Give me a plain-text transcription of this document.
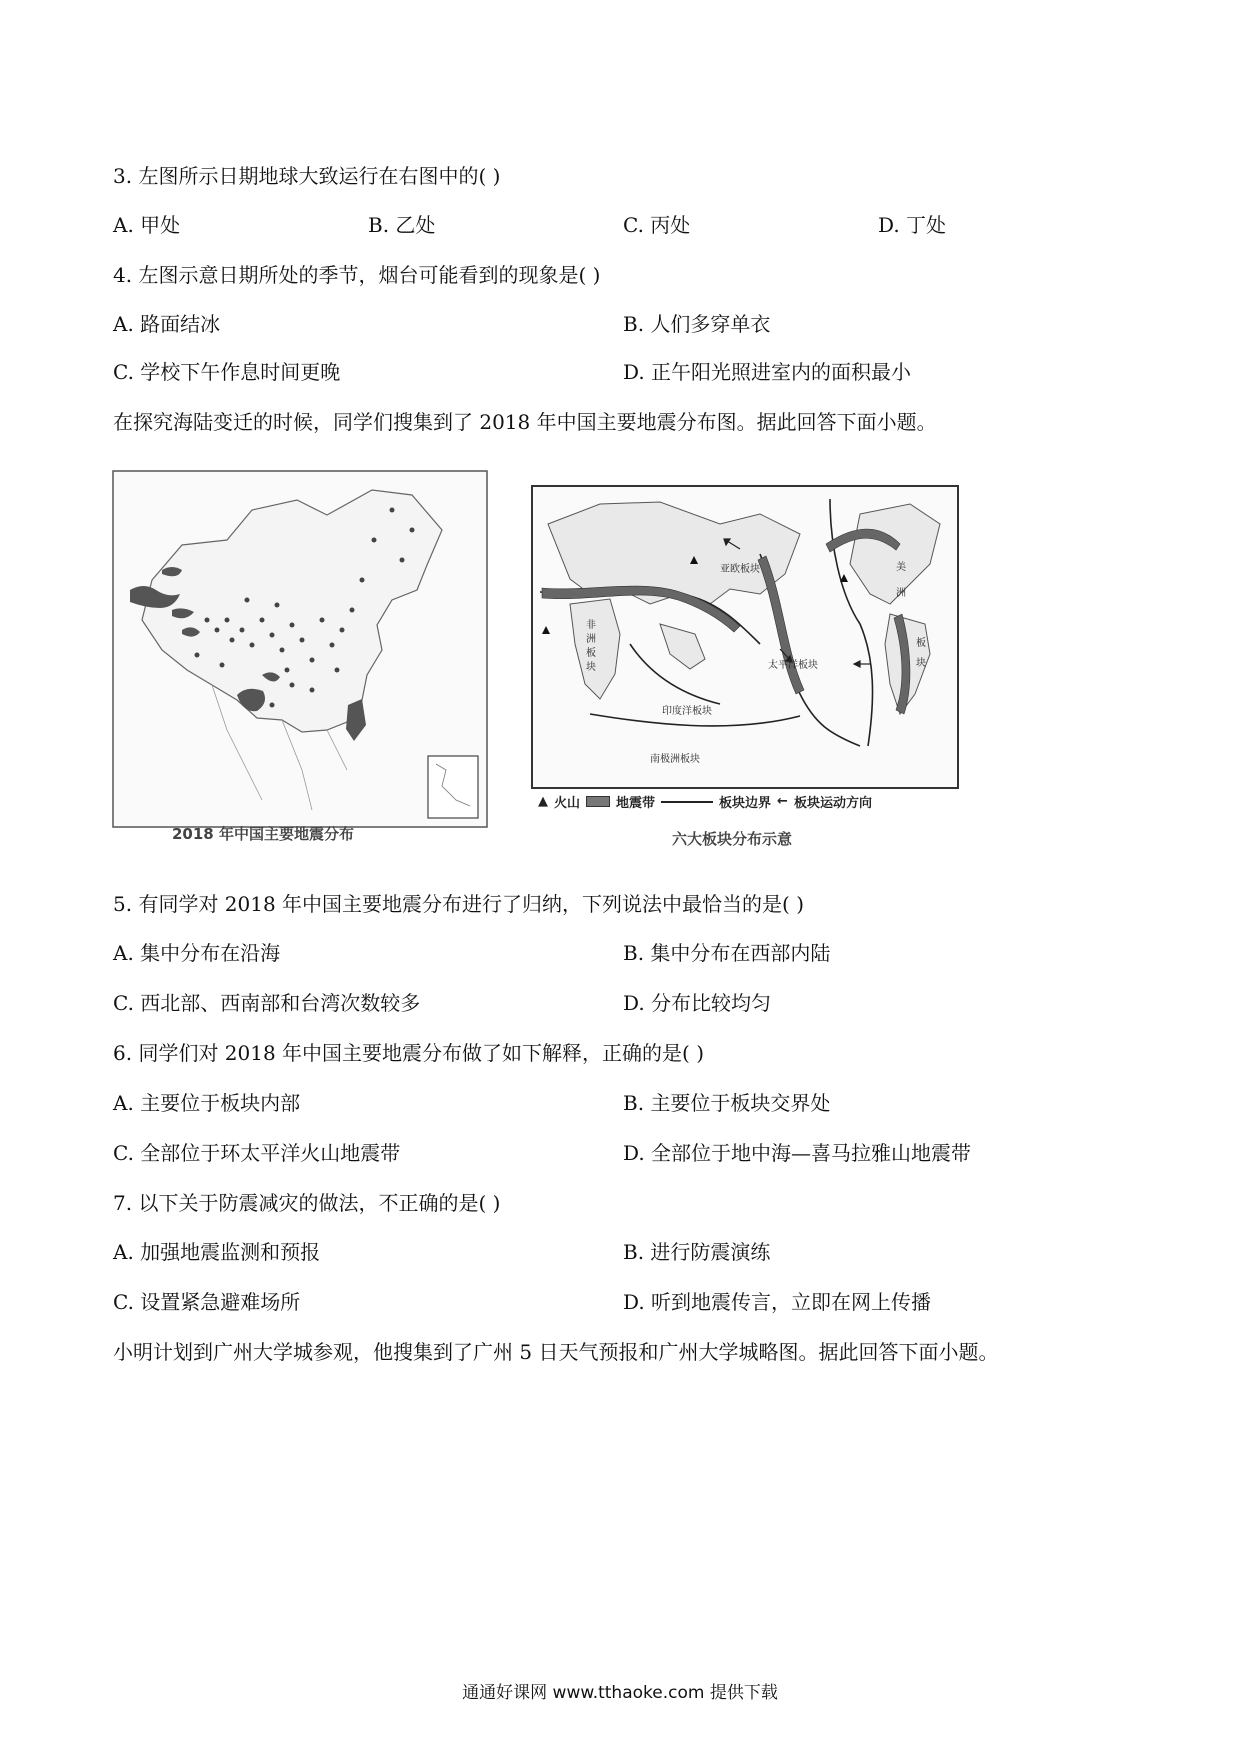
3. 左图所示日期地球大致运行在右图中的( )
A. 甲处	B. 乙处	C. 丙处	D. 丁处
4. 左图示意日期所处的季节，烟台可能看到的现象是( )
A. 路面结冰	B. 人们多穿单衣
C. 学校下午作息时间更晚	D. 正午阳光照进室内的面积最小
在探究海陆变迁的时候，同学们搜集到了 2018 年中国主要地震分布图。据此回答下面小题。
2018 年中国主要地震分布
亚欧板块
太平洋板块
印度洋板块
南极洲板块
非
洲
板
块
美
洲
板
块
▲ 火山	地震带	板块边界 ← 板块运动方向
六大板块分布示意
5. 有同学对 2018 年中国主要地震分布进行了归纳，下列说法中最恰当的是( )
A. 集中分布在沿海	B. 集中分布在西部内陆
C. 西北部、西南部和台湾次数较多	D. 分布比较均匀
6. 同学们对 2018 年中国主要地震分布做了如下解释，正确的是( )
A. 主要位于板块内部	B. 主要位于板块交界处
C. 全部位于环太平洋火山地震带	D. 全部位于地中海—喜马拉雅山地震带
7. 以下关于防震减灾的做法，不正确的是( )
A. 加强地震监测和预报	B. 进行防震演练
C. 设置紧急避难场所	D. 听到地震传言，立即在网上传播
小明计划到广州大学城参观，他搜集到了广州 5 日天气预报和广州大学城略图。据此回答下面小题。
通通好课网 www.tthaoke.com 提供下载
